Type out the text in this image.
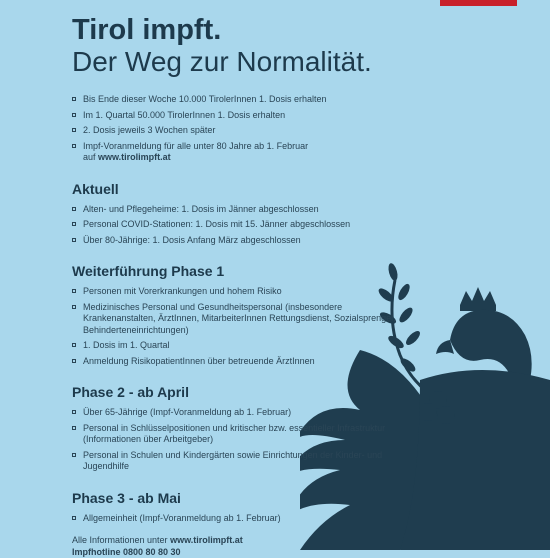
Tirol impft.
Der Weg zur Normalität.
Bis Ende dieser Woche 10.000 TirolerInnen 1. Dosis erhalten
Im 1. Quartal 50.000 TirolerInnen 1. Dosis erhalten
2. Dosis jeweils 3 Wochen später
Impf-Voranmeldung für alle unter 80 Jahre ab 1. Februar
auf www.tirolimpft.at
Aktuell
Alten- und Pflegeheime: 1. Dosis im Jänner abgeschlossen
Personal COVID-Stationen: 1. Dosis mit 15. Jänner abgeschlossen
Über 80-Jährige: 1. Dosis Anfang März abgeschlossen
Weiterführung Phase 1
Personen mit Vorerkrankungen und hohem Risiko
Medizinisches Personal und Gesundheitspersonal (insbesondere Krankenanstalten, ÄrztInnen, MitarbeiterInnen Rettungsdienst, Sozialsprengel, Behinderteneinrichtungen)
1. Dosis im 1. Quartal
Anmeldung RisikopatientInnen über betreuende ÄrztInnen
Phase 2 - ab April
Über 65-Jährige (Impf-Voranmeldung ab 1. Februar)
Personal in Schlüsselpositionen und kritischer bzw. essentieller Infrastruktur (Informationen über Arbeitgeber)
Personal in Schulen und Kindergärten sowie Einrichtungen der Kinder- und Jugendhilfe
Phase 3 - ab Mai
Allgemeinheit (Impf-Voranmeldung ab 1. Februar)
Alle Informationen unter www.tirolimpft.at
Impfhotline 0800 80 80 30
